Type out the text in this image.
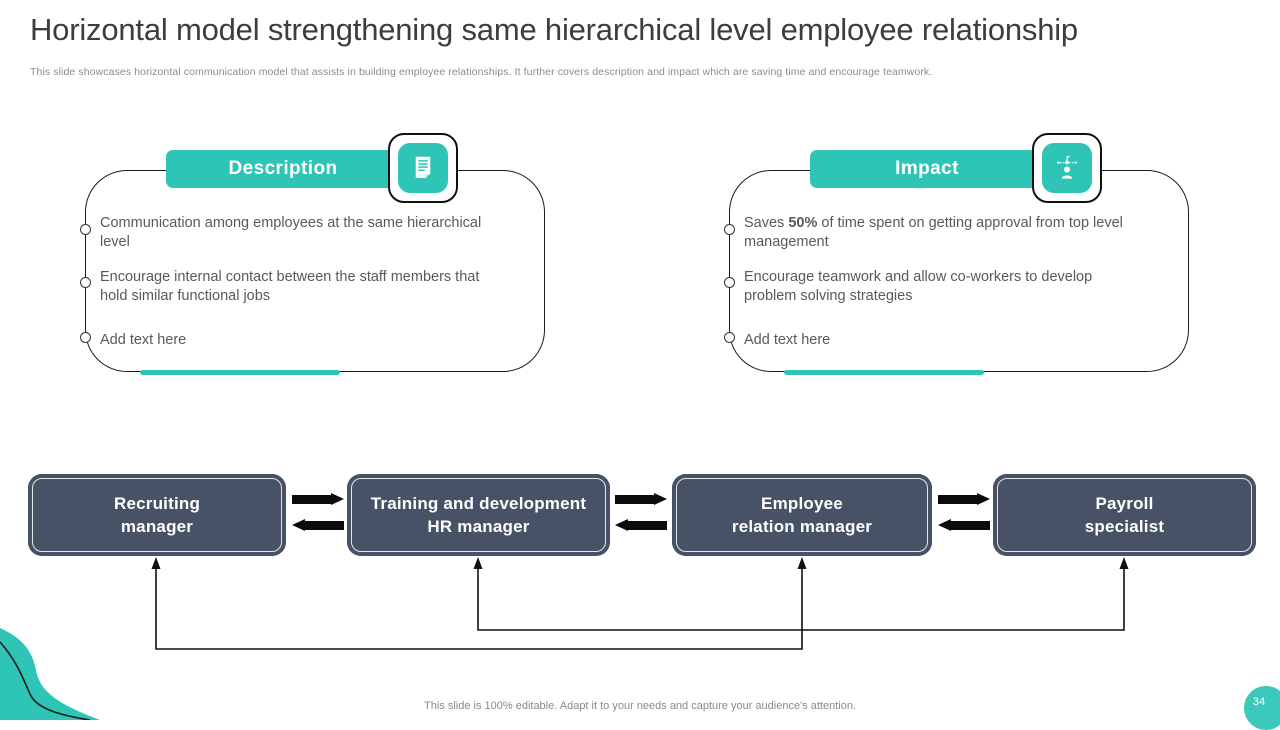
Horizontal model strengthening same hierarchical level employee relationship

This slide showcases horizontal communication model that assists in building employee relationships. It further covers description and impact which are saving time and encourage teamwork.

Description

Communication among employees at the same hierarchical level

Encourage internal contact between the staff members that hold similar functional jobs

Add text here

Impact

Saves 50% of time spent on getting approval from top level management

Encourage teamwork and allow co-workers to develop problem solving strategies

Add text here

Recruiting
manager
Training and development
HR manager
Employee
relation manager
Payroll
specialist

This slide is 100% editable. Adapt it to your needs and capture your audience's attention.	34
